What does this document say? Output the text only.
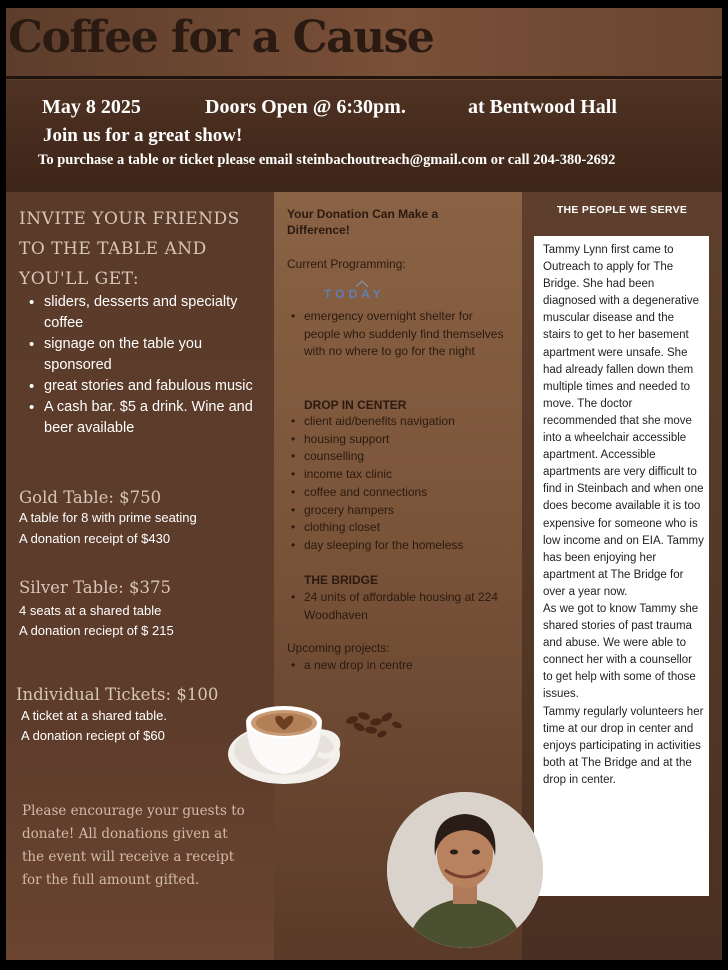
Coffee for a Cause
May 8 2025	Doors Open @ 6:30pm.	at Bentwood Hall
Join us for a great show!
To purchase a table or ticket please email steinbachoutreach@gmail.com or call 204-380-2692
INVITE YOUR FRIENDS
TO THE TABLE AND
YOU'LL GET:
• sliders, desserts and specialty coffee
• signage on the table you sponsored
• great stories and fabulous music
• A cash bar. $5 a drink. Wine and beer available
Gold Table: $750
A table for 8 with prime seating
A donation receipt of $430
Silver Table: $375
4 seats at a shared table
A donation reciept of $ 215
Individual Tickets: $100
A ticket at a shared table.
A donation reciept of $60
Please encourage your guests to
donate! All donations given at
the event will receive a receipt
for the full amount gifted.
Your Donation Can Make a
Difference!
Current Programming:
TODAY
• emergency overnight shelter for people who suddenly find themselves with no where to go for the night
DROP IN CENTER
• client aid/benefits navigation
• housing support
• counselling
• income tax clinic
• coffee and connections
• grocery hampers
• clothing closet
• day sleeping for the homeless
THE BRIDGE
• 24 units of affordable housing at 224 Woodhaven
Upcoming projects:
• a new drop in centre
THE PEOPLE WE SERVE
Tammy Lynn first came to Outreach to apply for The Bridge. She had been diagnosed with a degenerative muscular disease and the stairs to get to her basement apartment were unsafe. She had already fallen down them multiple times and needed to move. The doctor recommended that she move into a wheelchair accessible apartment. Accessible apartments are very difficult to find in Steinbach and when one does become available it is too expensive for someone who is low income and on EIA. Tammy has been enjoying her apartment at The Bridge for over a year now.
As we got to know Tammy she shared stories of past trauma and abuse. We were able to connect her with a counsellor to get help with some of those issues.
Tammy regularly volunteers her time at our drop in center and enjoys participating in activities both at The Bridge and at the drop in center.
